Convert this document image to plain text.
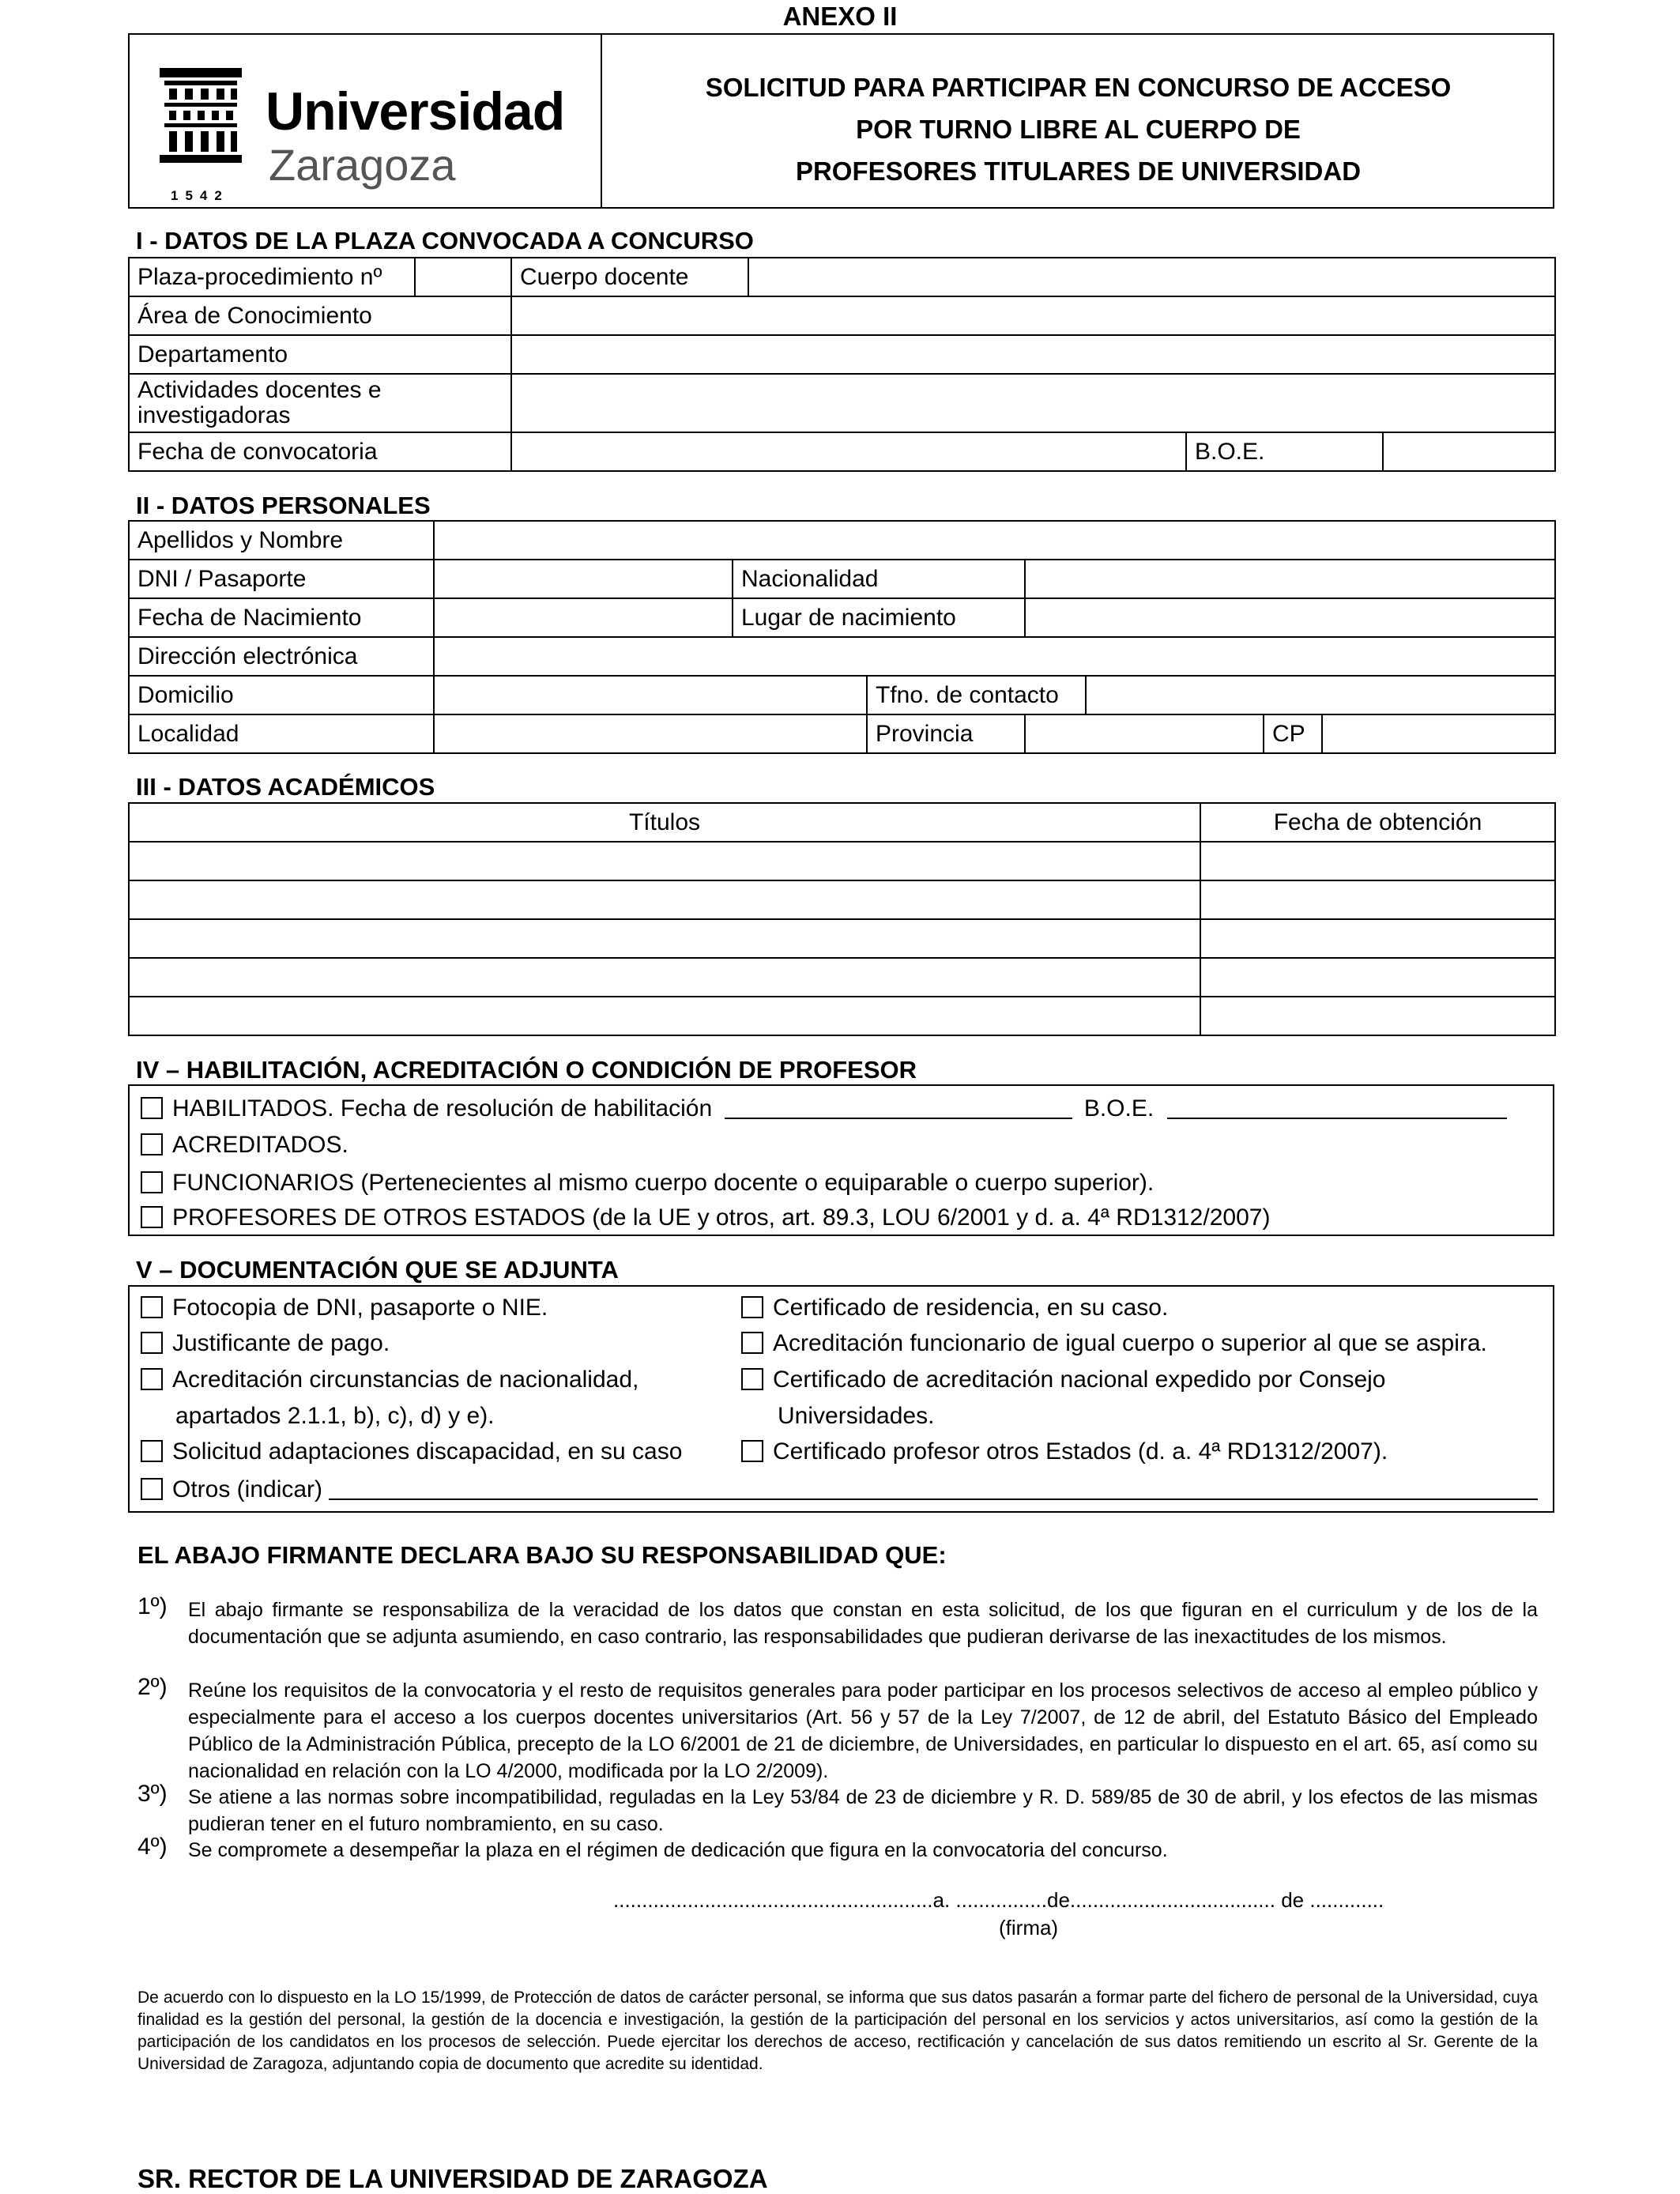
ANEXO II
Universidad
Zaragoza
1542
SOLICITUD PARA PARTICIPAR EN CONCURSO DE ACCESO
POR TURNO LIBRE AL CUERPO DE
PROFESORES TITULARES DE UNIVERSIDAD
I - DATOS DE LA PLAZA CONVOCADA A CONCURSO
Plaza-procedimiento nº		Cuerpo docente			
Área de Conocimiento					
Departamento					
Actividades docentes e investigadoras					
Fecha de convocatoria				B.O.E.	
II - DATOS PERSONALES
Apellidos y Nombre							
DNI / Pasaporte		Nacionalidad					
Fecha de Nacimiento		Lugar de nacimiento					
Dirección electrónica							
Domicilio			Tfno. de contacto				
Localidad			Provincia			CP	
III - DATOS ACADÉMICOS
Títulos	Fecha de obtención

IV – HABILITACIÓN, ACREDITACIÓN O CONDICIÓN DE PROFESOR
HABILITADOS. Fecha de resolución de habilitación	B.O.E.
ACREDITADOS.
FUNCIONARIOS (Pertenecientes al mismo cuerpo docente o equiparable o cuerpo superior).
PROFESORES DE OTROS ESTADOS (de la UE y otros, art. 89.3, LOU 6/2001 y d. a. 4ª RD1312/2007)
V – DOCUMENTACIÓN QUE SE ADJUNTA
Fotocopia de DNI, pasaporte o NIE.
Justificante de pago.
Acreditación circunstancias de nacionalidad,
apartados 2.1.1, b), c), d) y e).
Solicitud adaptaciones discapacidad, en su caso
Otros (indicar)
Certificado de residencia, en su caso.
Acreditación funcionario de igual cuerpo o superior al que se aspira.
Certificado de acreditación nacional expedido por Consejo
Universidades.
Certificado profesor otros Estados (d. a. 4ª RD1312/2007).
EL ABAJO FIRMANTE DECLARA BAJO SU RESPONSABILIDAD QUE:
1º) El abajo firmante se responsabiliza de la veracidad de los datos que constan en esta solicitud, de los que figuran en el curriculum y de los de la documentación que se adjunta asumiendo, en caso contrario, las responsabilidades que pudieran derivarse de las inexactitudes de los mismos.
2º) Reúne los requisitos de la convocatoria y el resto de requisitos generales para poder participar en los procesos selectivos de acceso al empleo público y especialmente para el acceso a los cuerpos docentes universitarios (Art. 56 y 57 de la Ley 7/2007, de 12 de abril, del Estatuto Básico del Empleado Público de la Administración Pública, precepto de la LO 6/2001 de 21 de diciembre, de Universidades, en particular lo dispuesto en el art. 65, así como su nacionalidad en relación con la LO 4/2000, modificada por la LO 2/2009).
3º) Se atiene a las normas sobre incompatibilidad, reguladas en la Ley 53/84 de 23 de diciembre y R. D. 589/85 de 30 de abril, y los efectos de las mismas pudieran tener en el futuro nombramiento, en su caso.
4º) Se compromete a desempeñar la plaza en el régimen de dedicación que figura en la convocatoria del concurso.
........................................................a. ................de.................................... de .............
(firma)
De acuerdo con lo dispuesto en la LO 15/1999, de Protección de datos de carácter personal, se informa que sus datos pasarán a formar parte del fichero de personal de la Universidad, cuya finalidad es la gestión del personal, la gestión de la docencia e investigación, la gestión de la participación del personal en los servicios y actos universitarios, así como la gestión de la participación de los candidatos en los procesos de selección. Puede ejercitar los derechos de acceso, rectificación y cancelación de sus datos remitiendo un escrito al Sr. Gerente de la Universidad de Zaragoza, adjuntando copia de documento que acredite su identidad.
SR. RECTOR DE LA UNIVERSIDAD DE ZARAGOZA
